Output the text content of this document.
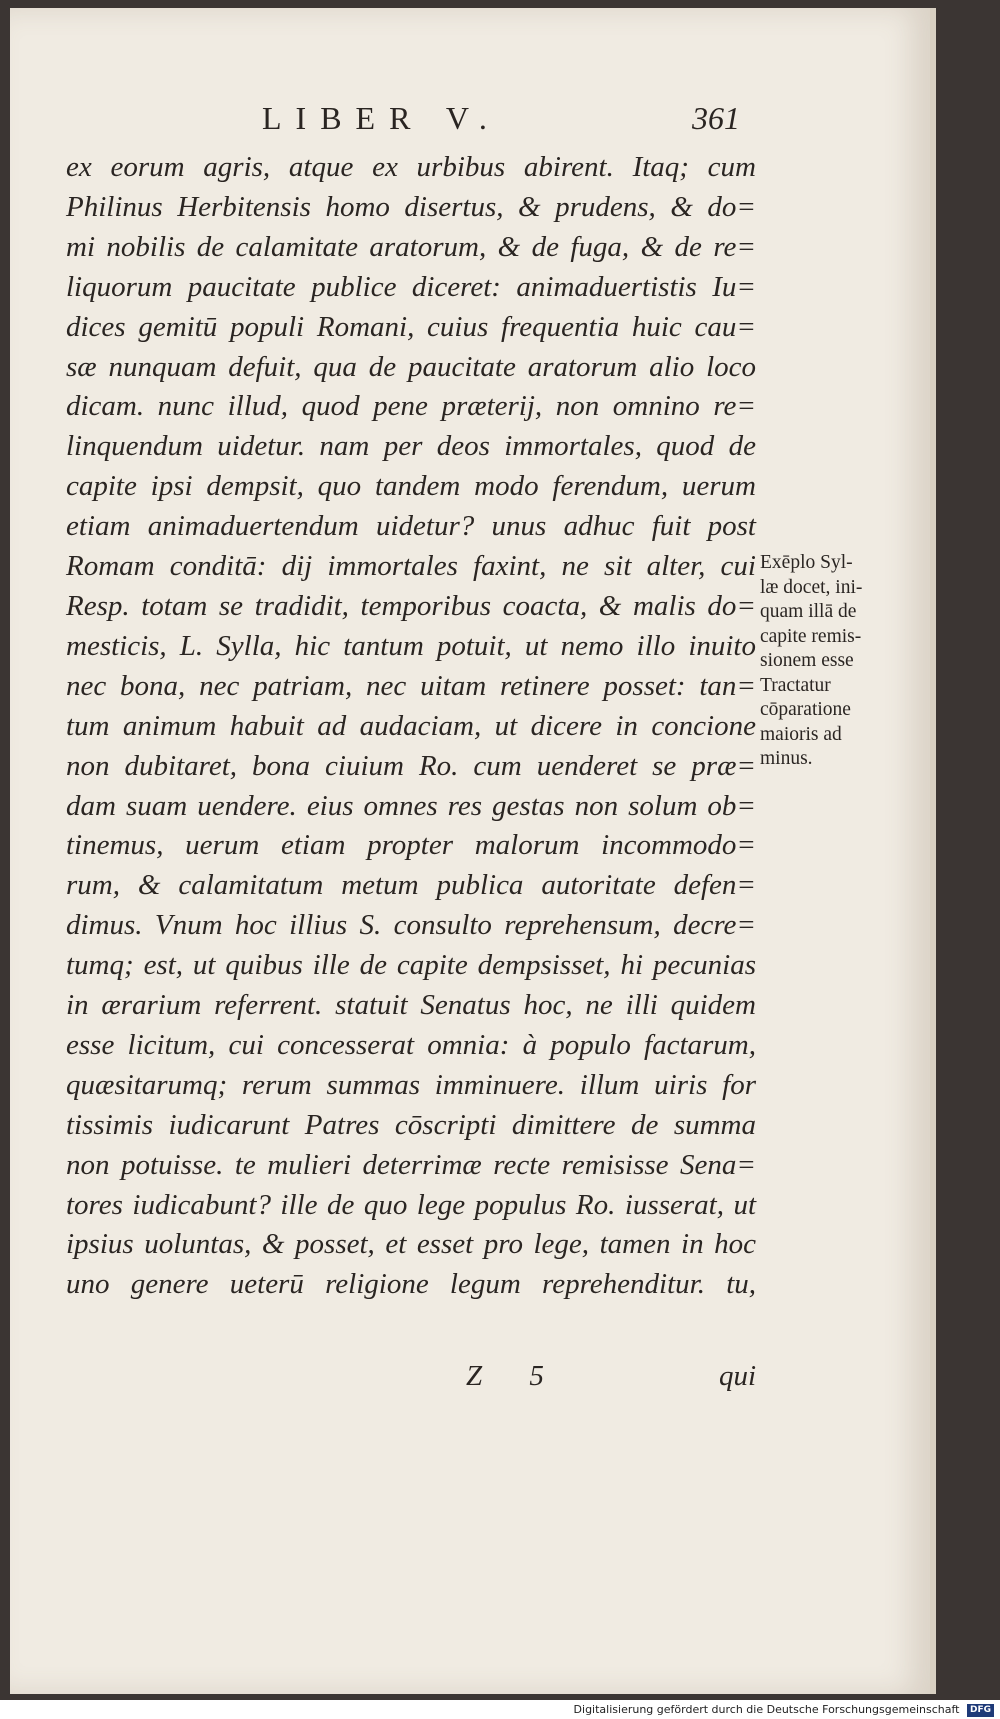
LIBER V.	361
ex eorum agris, atque ex urbibus abirent. Itaq; cum
Philinus Herbitensis homo disertus, & prudens, & do=
mi nobilis de calamitate aratorum, & de fuga, & de re=
liquorum paucitate publice diceret: animaduertistis Iu=
dices gemitū populi Romani, cuius frequentia huic cau=
sæ nunquam defuit, qua de paucitate aratorum alio loco
dicam. nunc illud, quod pene præterij, non omnino re=
linquendum uidetur. nam per deos immortales, quod de
capite ipsi dempsit, quo tandem modo ferendum, uerum
etiam animaduertendum uidetur? unus adhuc fuit post
Romam conditā: dij immortales faxint, ne sit alter, cui
Resp. totam se tradidit, temporibus coacta, & malis do=
mesticis, L. Sylla, hic tantum potuit, ut nemo illo inuito
nec bona, nec patriam, nec uitam retinere posset: tan=
tum animum habuit ad audaciam, ut dicere in concione
non dubitaret, bona ciuium Ro. cum uenderet se præ=
dam suam uendere. eius omnes res gestas non solum ob=
tinemus, uerum etiam propter malorum incommodo=
rum, & calamitatum metum publica autoritate defen=
dimus. Vnum hoc illius S. consulto reprehensum, decre=
tumq; est, ut quibus ille de capite dempsisset, hi pecunias
in ærarium referrent. statuit Senatus hoc, ne illi quidem
esse licitum, cui concesserat omnia: à populo factarum,
quæsitarumq; rerum summas imminuere. illum uiris for
tissimis iudicarunt Patres cōscripti dimittere de summa
non potuisse. te mulieri deterrimæ recte remisisse Sena=
tores iudicabunt? ille de quo lege populus Ro. iusserat, ut
ipsius uoluntas, & posset, et esset pro lege, tamen in hoc
uno genere ueterū religione legum reprehenditur. tu,
Exēplo Syl-
læ docet, ini-
quam illā de
capite remis-
sionem esse
Tractatur
cōparatione
maioris ad
minus.
Z 5	qui
Digitalisierung gefördert durch die Deutsche Forschungsgemeinschaft DFG
